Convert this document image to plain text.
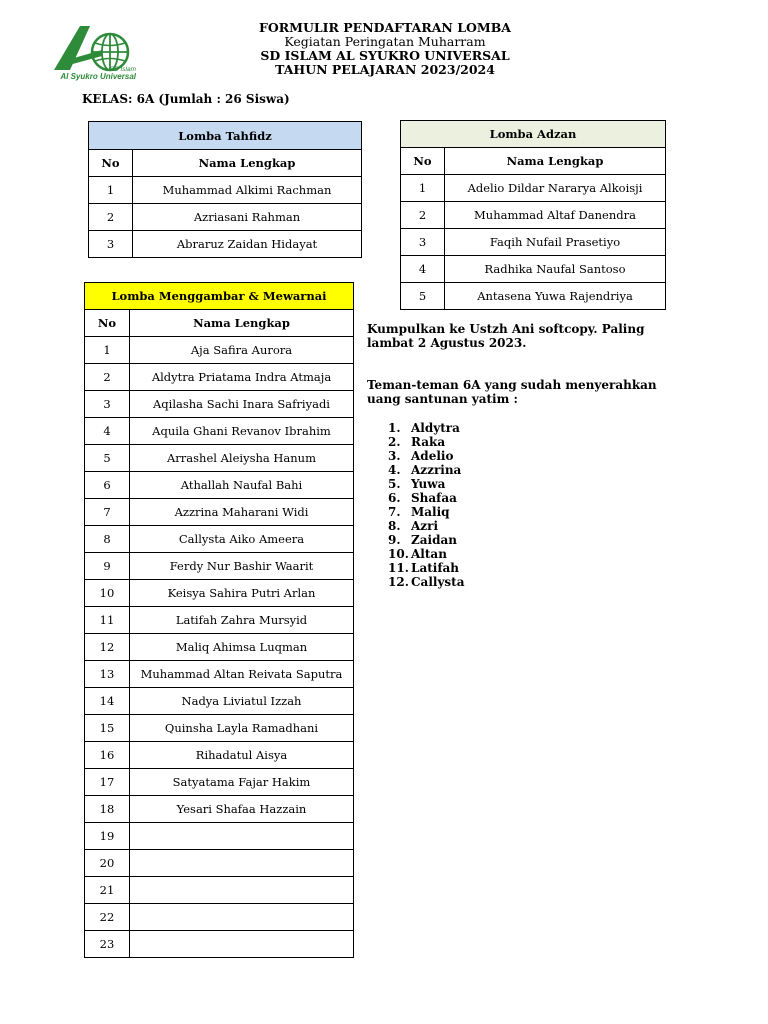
SD Islam
Al Syukro Universal
FORMULIR PENDAFTARAN LOMBA
Kegiatan Peringatan Muharram
SD ISLAM AL SYUKRO UNIVERSAL
TAHUN PELAJARAN 2023/2024
KELAS: 6A (Jumlah : 26 Siswa)
Lomba Tahfidz	
No	Nama Lengkap
1	Muhammad Alkimi Rachman
2	Azriasani Rahman
3	Abraruz Zaidan Hidayat
Lomba Adzan	
No	Nama Lengkap
1	Adelio Dildar Nararya Alkoisji
2	Muhammad Altaf Danendra
3	Faqih Nufail Prasetiyo
4	Radhika Naufal Santoso
5	Antasena Yuwa Rajendriya
Lomba Menggambar & Mewarnai	
No	Nama Lengkap
1	Aja Safira Aurora
2	Aldytra Priatama Indra Atmaja
3	Aqilasha Sachi Inara Safriyadi
4	Aquila Ghani Revanov Ibrahim
5	Arrashel Aleiysha Hanum
6	Athallah Naufal Bahi
7	Azzrina Maharani Widi
8	Callysta Aiko Ameera
9	Ferdy Nur Bashir Waarit
10	Keisya Sahira Putri Arlan
11	Latifah Zahra Mursyid
12	Maliq Ahimsa Luqman
13	Muhammad Altan Reivata Saputra
14	Nadya Liviatul Izzah
15	Quinsha Layla Ramadhani
16	Rihadatul Aisya
17	Satyatama Fajar Hakim
18	Yesari Shafaa Hazzain
19	
20	
21	
22	
23	
Kumpulkan ke Ustzh Ani softcopy. Paling lambat 2 Agustus 2023.
Teman-teman 6A yang sudah menyerahkan uang santunan yatim :
1. Aldytra
2. Raka
3. Adelio
4. Azzrina
5. Yuwa
6. Shafaa
7. Maliq
8. Azri
9. Zaidan
10. Altan
11. Latifah
12. Callysta
